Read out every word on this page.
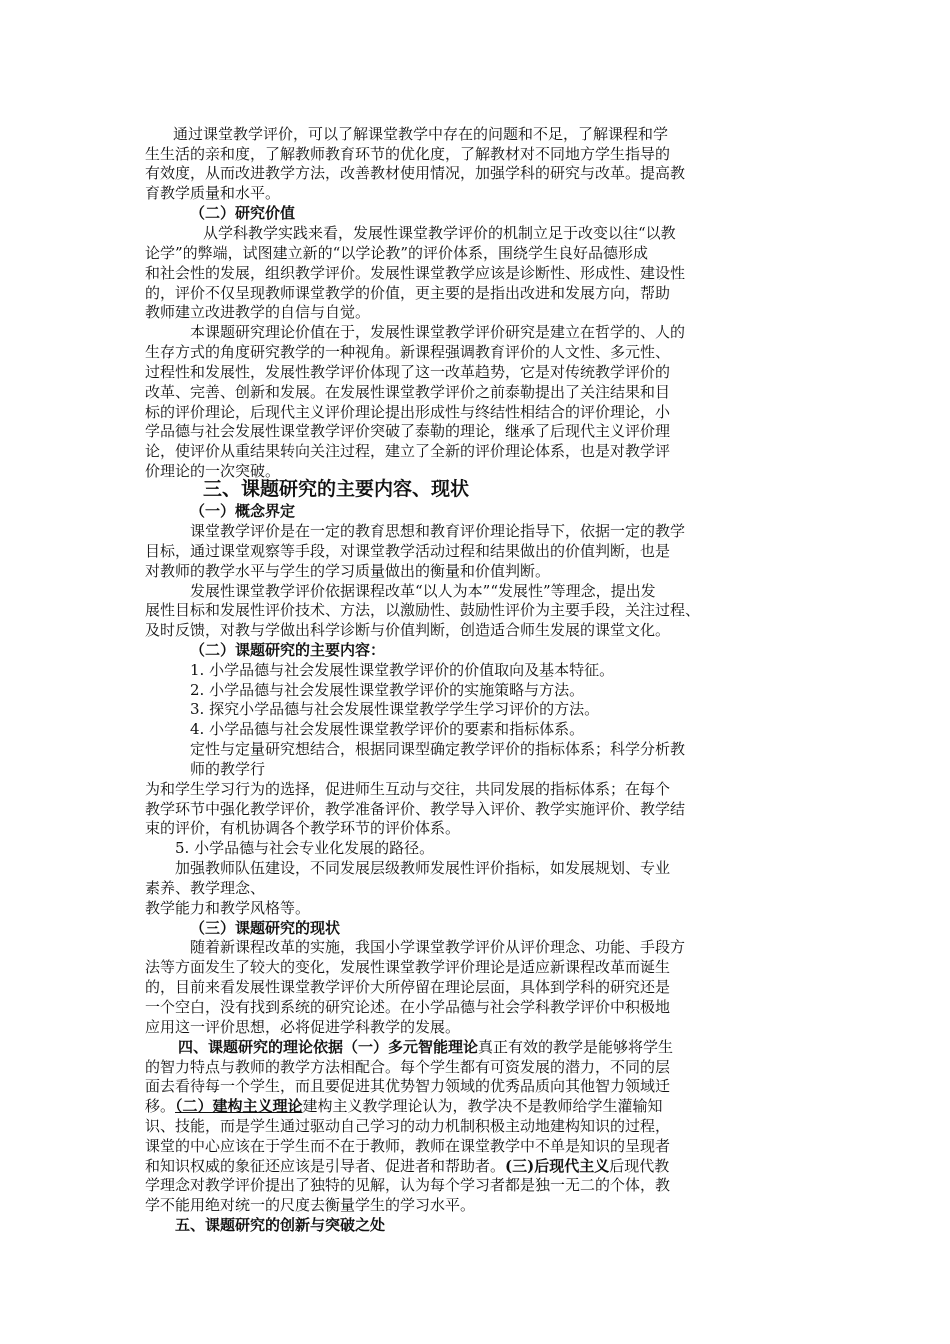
通过课堂教学评价，可以了解课堂教学中存在的问题和不足，了解课程和学
生生活的亲和度，了解教师教育环节的优化度，了解教材对不同地方学生指导的
有效度，从而改进教学方法，改善教材使用情况，加强学科的研究与改革。提高教
育教学质量和水平。
（二）研究价值
从学科教学实践来看，发展性课堂教学评价的机制立足于改变以往“以教
论学”的弊端，试图建立新的“以学论教”的评价体系，围绕学生良好品德形成
和社会性的发展，组织教学评价。发展性课堂教学应该是诊断性、形成性、建设性
的，评价不仅呈现教师课堂教学的价值，更主要的是指出改进和发展方向，帮助
教师建立改进教学的自信与自觉。
本课题研究理论价值在于，发展性课堂教学评价研究是建立在哲学的、人的
生存方式的角度研究教学的一种视角。新课程强调教育评价的人文性、多元性、
过程性和发展性，发展性教学评价体现了这一改革趋势，它是对传统教学评价的
改革、完善、创新和发展。在发展性课堂教学评价之前泰勒提出了关注结果和目
标的评价理论，后现代主义评价理论提出形成性与终结性相结合的评价理论，小
学品德与社会发展性课堂教学评价突破了泰勒的理论，继承了后现代主义评价理
论，使评价从重结果转向关注过程，建立了全新的评价理论体系，也是对教学评
价理论的一次突破。
三、课题研究的主要内容、现状
（一）概念界定
课堂教学评价是在一定的教育思想和教育评价理论指导下，依据一定的教学
目标，通过课堂观察等手段，对课堂教学活动过程和结果做出的价值判断，也是
对教师的教学水平与学生的学习质量做出的衡量和价值判断。
发展性课堂教学评价依据课程改革“以人为本”“发展性”等理念，提出发
展性目标和发展性评价技术、方法，以激励性、鼓励性评价为主要手段，关注过程、
及时反馈，对教与学做出科学诊断与价值判断，创造适合师生发展的课堂文化。
（二）课题研究的主要内容：
1. 小学品德与社会发展性课堂教学评价的价值取向及基本特征。
2. 小学品德与社会发展性课堂教学评价的实施策略与方法。
3. 探究小学品德与社会发展性课堂教学学生学习评价的方法。
4. 小学品德与社会发展性课堂教学评价的要素和指标体系。
定性与定量研究想结合，根据同课型确定教学评价的指标体系；科学分析教
师的教学行
为和学生学习行为的选择，促进师生互动与交往，共同发展的指标体系；在每个
教学环节中强化教学评价，教学准备评价、教学导入评价、教学实施评价、教学结
束的评价，有机协调各个教学环节的评价体系。
5. 小学品德与社会专业化发展的路径。
加强教师队伍建设，不同发展层级教师发展性评价指标，如发展规划、专业
素养、教学理念、
教学能力和教学风格等。
（三）课题研究的现状
随着新课程改革的实施，我国小学课堂教学评价从评价理念、功能、手段方
法等方面发生了较大的变化，发展性课堂教学评价理论是适应新课程改革而诞生
的，目前来看发展性课堂教学评价大所停留在理论层面，具体到学科的研究还是
一个空白，没有找到系统的研究论述。在小学品德与社会学科教学评价中积极地
应用这一评价思想，必将促进学科教学的发展。
四、课题研究的理论依据（一）多元智能理论真正有效的教学是能够将学生
的智力特点与教师的教学方法相配合。每个学生都有可资发展的潜力，不同的层
面去看待每一个学生，而且要促进其优势智力领域的优秀品质向其他智力领域迁
移。（二）建构主义理论建构主义教学理论认为，教学决不是教师给学生灌输知
识、技能，而是学生通过驱动自己学习的动力机制积极主动地建构知识的过程，
课堂的中心应该在于学生而不在于教师，教师在课堂教学中不单是知识的呈现者
和知识权威的象征还应该是引导者、促进者和帮助者。(三)后现代主义后现代教
学理念对教学评价提出了独特的见解，认为每个学习者都是独一无二的个体，教
学不能用绝对统一的尺度去衡量学生的学习水平。
五、课题研究的创新与突破之处
